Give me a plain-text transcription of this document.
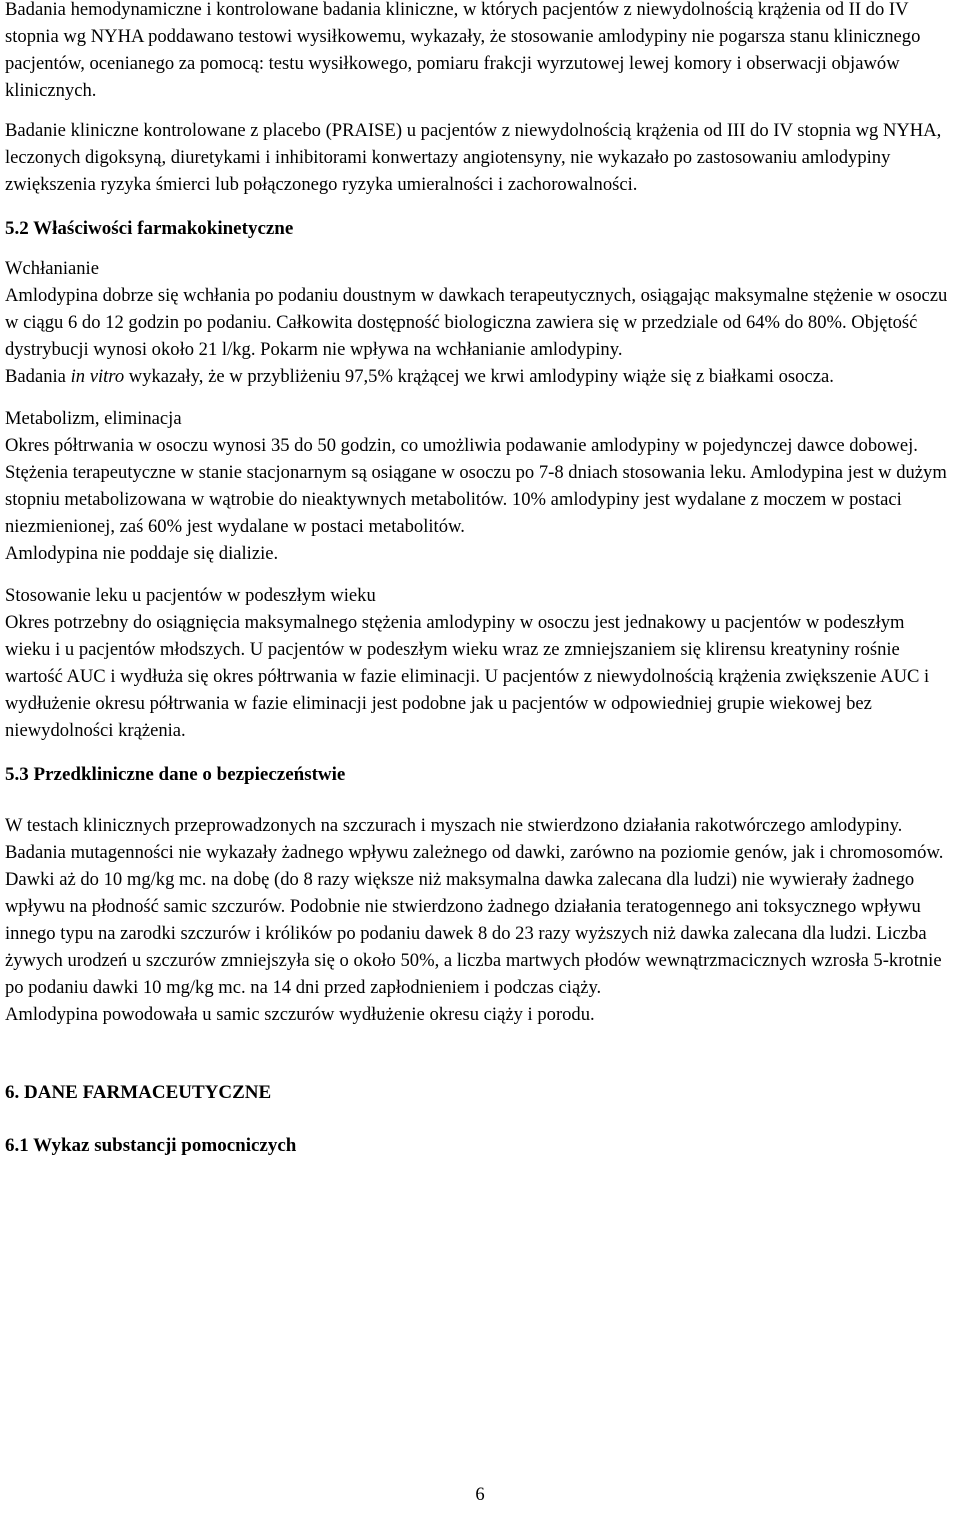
Badania hemodynamiczne i kontrolowane badania kliniczne, w których pacjentów z niewydolnością krążenia od II do IV stopnia wg NYHA poddawano testowi wysiłkowemu, wykazały, że stosowanie amlodypiny nie pogarsza stanu klinicznego pacjentów, ocenianego za pomocą: testu wysiłkowego, pomiaru frakcji wyrzutowej lewej komory i obserwacji objawów klinicznych.

Badanie kliniczne kontrolowane z placebo (PRAISE) u pacjentów z niewydolnością krążenia od III do IV stopnia wg NYHA, leczonych digoksyną, diuretykami i inhibitorami konwertazy angiotensyny, nie wykazało po zastosowaniu amlodypiny zwiększenia ryzyka śmierci lub połączonego ryzyka umieralności i zachorowalności.

5.2 Właściwości farmakokinetyczne

Wchłanianie

Amlodypina dobrze się wchłania po podaniu doustnym w dawkach terapeutycznych, osiągając maksymalne stężenie w osoczu w ciągu 6 do 12 godzin po podaniu. Całkowita dostępność biologiczna zawiera się w przedziale od 64% do 80%. Objętość dystrybucji wynosi około 21 l/kg. Pokarm nie wpływa na wchłanianie amlodypiny.

Badania in vitro wykazały, że w przybliżeniu 97,5% krążącej we krwi amlodypiny wiąże się z białkami osocza.

Metabolizm, eliminacja

Okres półtrwania w osoczu wynosi 35 do 50 godzin, co umożliwia podawanie amlodypiny w pojedynczej dawce dobowej. Stężenia terapeutyczne w stanie stacjonarnym są osiągane w osoczu po 7-8 dniach stosowania leku. Amlodypina jest w dużym stopniu metabolizowana w wątrobie do nieaktywnych metabolitów. 10% amlodypiny jest wydalane z moczem w postaci niezmienionej, zaś 60% jest wydalane w postaci metabolitów.

Amlodypina nie poddaje się dializie.

Stosowanie leku u pacjentów w podeszłym wieku

Okres potrzebny do osiągnięcia maksymalnego stężenia amlodypiny w osoczu jest jednakowy u pacjentów w podeszłym wieku i u pacjentów młodszych. U pacjentów w podeszłym wieku wraz ze zmniejszaniem się klirensu kreatyniny rośnie wartość AUC i wydłuża się okres półtrwania w fazie eliminacji. U pacjentów z niewydolnością krążenia zwiększenie AUC i wydłużenie okresu półtrwania w fazie eliminacji jest podobne jak u pacjentów w odpowiedniej grupie wiekowej bez niewydolności krążenia.

5.3 Przedkliniczne dane o bezpieczeństwie

W testach klinicznych przeprowadzonych na szczurach i myszach nie stwierdzono działania rakotwórczego amlodypiny. Badania mutagenności nie wykazały żadnego wpływu zależnego od dawki, zarówno na poziomie genów, jak i chromosomów.

Dawki aż do 10 mg/kg mc. na dobę (do 8 razy większe niż maksymalna dawka zalecana dla ludzi) nie wywierały żadnego wpływu na płodność samic szczurów. Podobnie nie stwierdzono żadnego działania teratogennego ani toksycznego wpływu innego typu na zarodki szczurów i królików po podaniu dawek 8 do 23 razy wyższych niż dawka zalecana dla ludzi. Liczba żywych urodzeń u szczurów zmniejszyła się o około 50%, a liczba martwych płodów wewnątrzmacicznych wzrosła 5-krotnie po podaniu dawki 10 mg/kg mc. na 14 dni przed zapłodnieniem i podczas ciąży.

Amlodypina powodowała u samic szczurów wydłużenie okresu ciąży i porodu.

6. DANE FARMACEUTYCZNE
6.1 Wykaz substancji pomocniczych
6
